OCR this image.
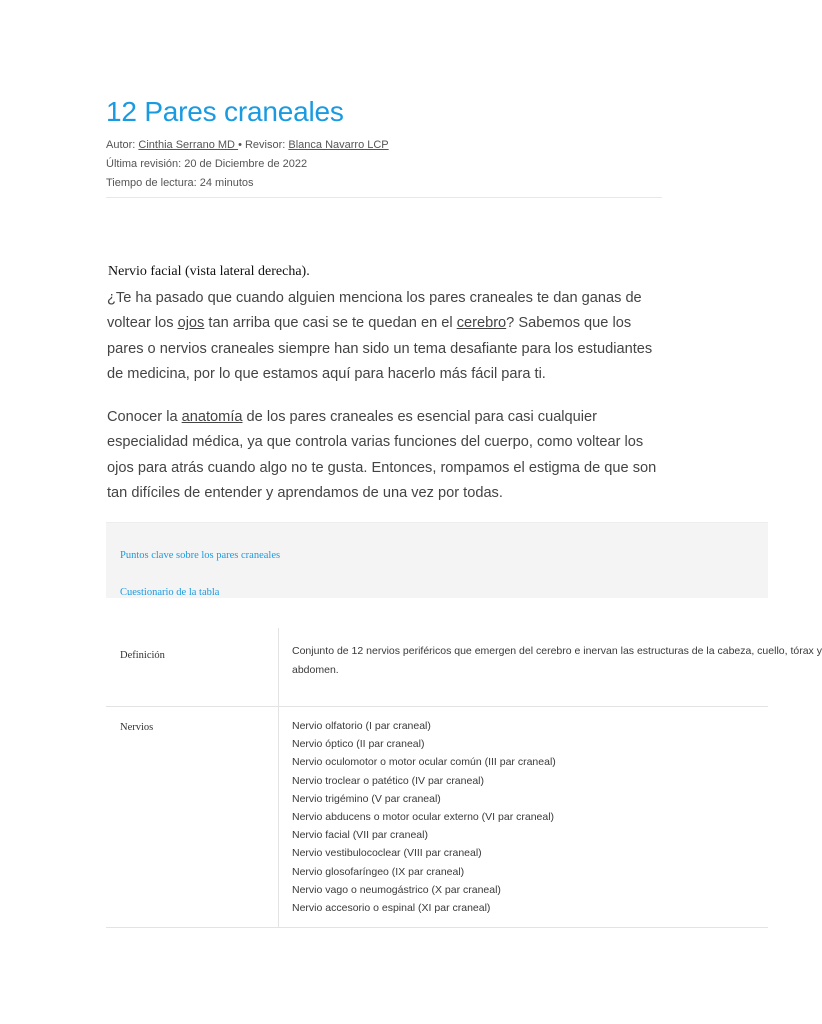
12 Pares craneales
Autor: Cinthia Serrano MD • Revisor: Blanca Navarro LCP
Última revisión: 20 de Diciembre de 2022
Tiempo de lectura: 24 minutos
Nervio facial (vista lateral derecha).

¿Te ha pasado que cuando alguien menciona los pares craneales te dan ganas de voltear los ojos tan arriba que casi se te quedan en el cerebro? Sabemos que los pares o nervios craneales siempre han sido un tema desafiante para los estudiantes de medicina, por lo que estamos aquí para hacerlo más fácil para ti.

Conocer la anatomía de los pares craneales es esencial para casi cualquier especialidad médica, ya que controla varias funciones del cuerpo, como voltear los ojos para atrás cuando algo no te gusta. Entonces, rompamos el estigma de que son tan difíciles de entender y aprendamos de una vez por todas.

Puntos clave sobre los pares craneales
Cuestionario de la tabla
Definición	Conjunto de 12 nervios periféricos que emergen del cerebro e inervan las estructuras de la cabeza, cuello, tórax y
abdomen.
Nervios	Nervio olfatorio (I par craneal)
Nervio óptico (II par craneal)
Nervio oculomotor o motor ocular común (III par craneal)
Nervio troclear o patético (IV par craneal)
Nervio trigémino (V par craneal)
Nervio abducens o motor ocular externo (VI par craneal)
Nervio facial (VII par craneal)
Nervio vestibulococlear (VIII par craneal)
Nervio glosofaríngeo (IX par craneal)
Nervio vago o neumogástrico (X par craneal)
Nervio accesorio o espinal (XI par craneal)
